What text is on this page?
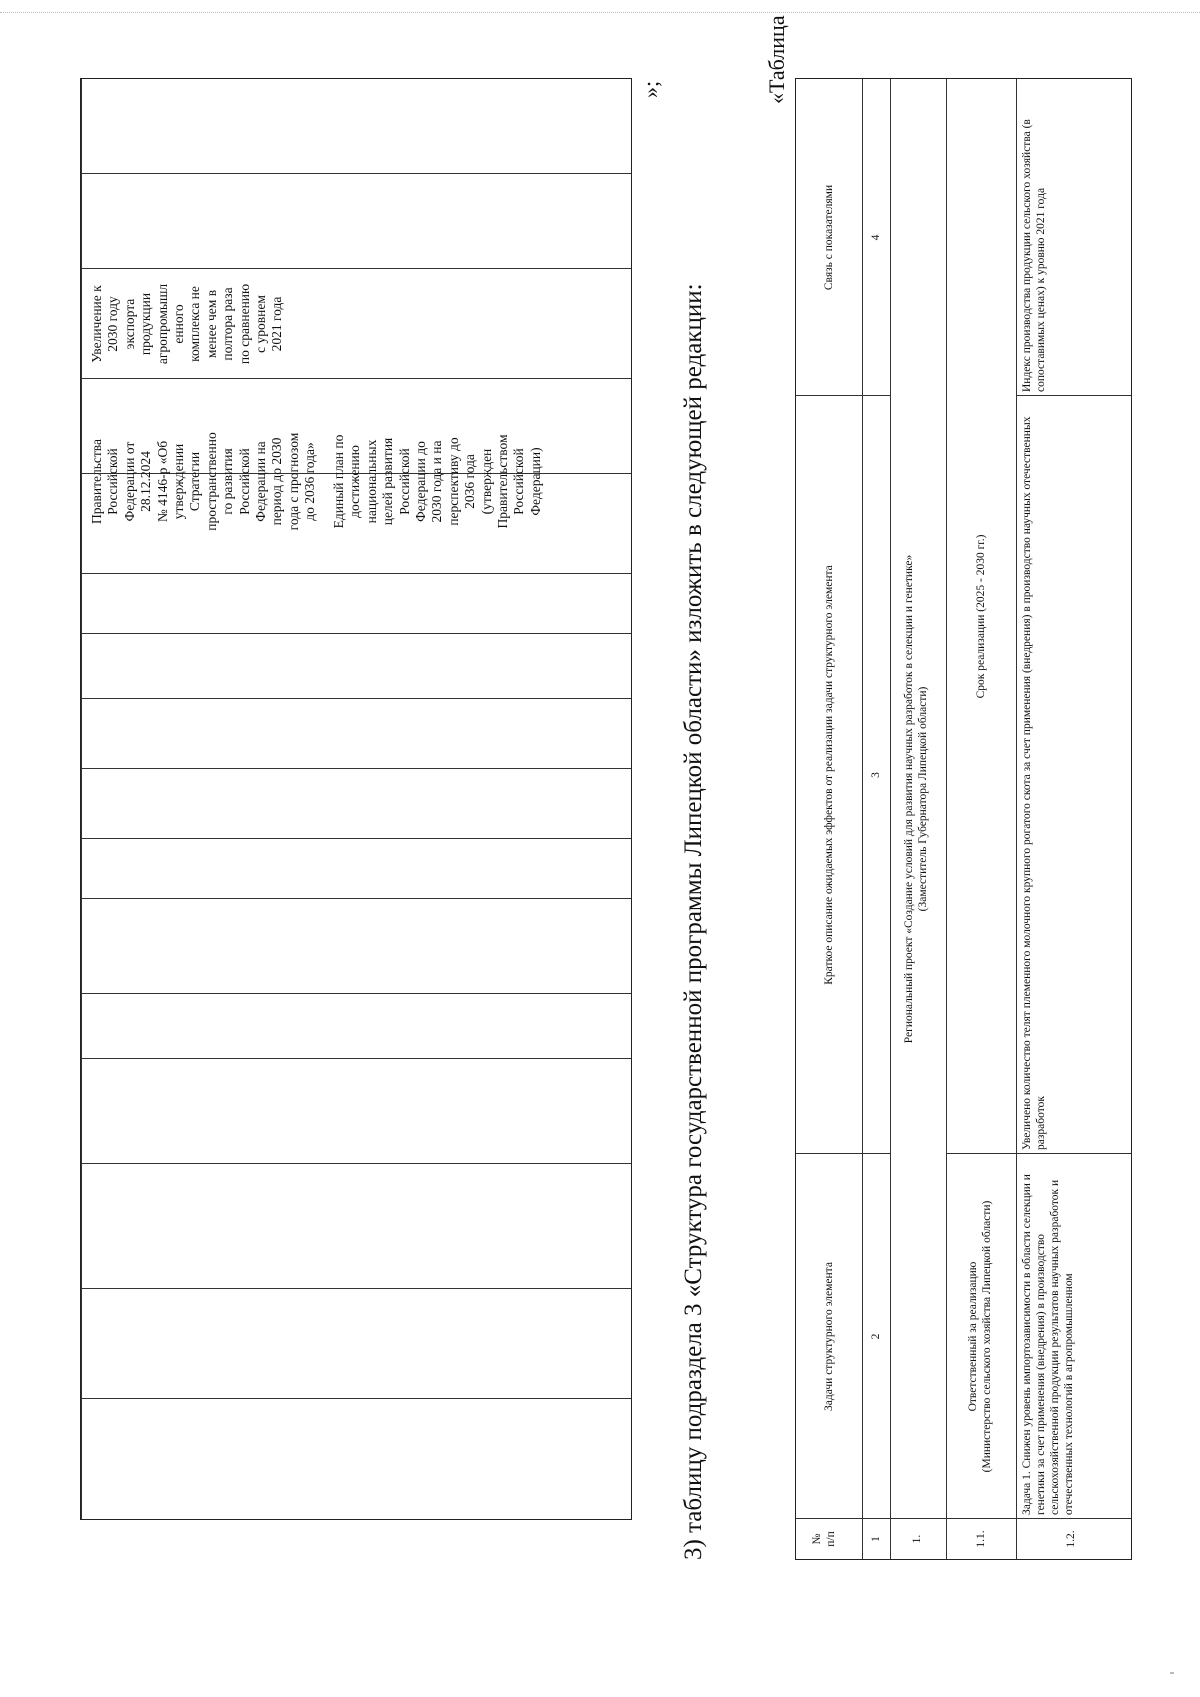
Правительства
Российской
Федерации от
28.12.2024
№ 4146-р «Об
утверждении
Стратегии
пространственно
го развития
Российской
Федерации на
период до 2030
года с прогнозом
до 2036 года»
Единый план по
достижению
национальных
целей развития
Российской
Федерации до
2030 года и на
перспективу до
2036 года
(утвержден
Правительством
Российской
Федерации)
Увеличение к
2030 году
экспорта
продукции
агропромышл
енного
комплекса не
менее чем в
полтора раза
по сравнению
с уровнем
2021 года
»;
3) таблицу подраздела 3 «Структура государственной программы Липецкой области» изложить в следующей редакции:
«Таблица
№
п/п
Задачи структурного элемента
Краткое описание ожидаемых эффектов от реализации задачи структурного элемента
Связь с показателями
1
2
3
4
1.
Региональный проект «Создание условий для развития научных разработок в селекции и генетике»
(Заместитель Губернатора Липецкой области)
1.1.
Ответственный за реализацию
(Министерство сельского хозяйства Липецкой области)
Срок реализации (2025 - 2030 гг.)
1.2.
Задача 1. Снижен уровень импортозависимости в области селекции и генетики за счет применения (внедрения) в производство сельскохозяйственной продукции результатов научных разработок и отечественных технологий в агропромышленном
Увеличено количество телят племенного молочного крупного рогатого скота за счет применения (внедрения) в производство научных отечественных разработок
Индекс производства продукции сельского хозяйства (в сопоставимых ценах) к уровню 2021 года
